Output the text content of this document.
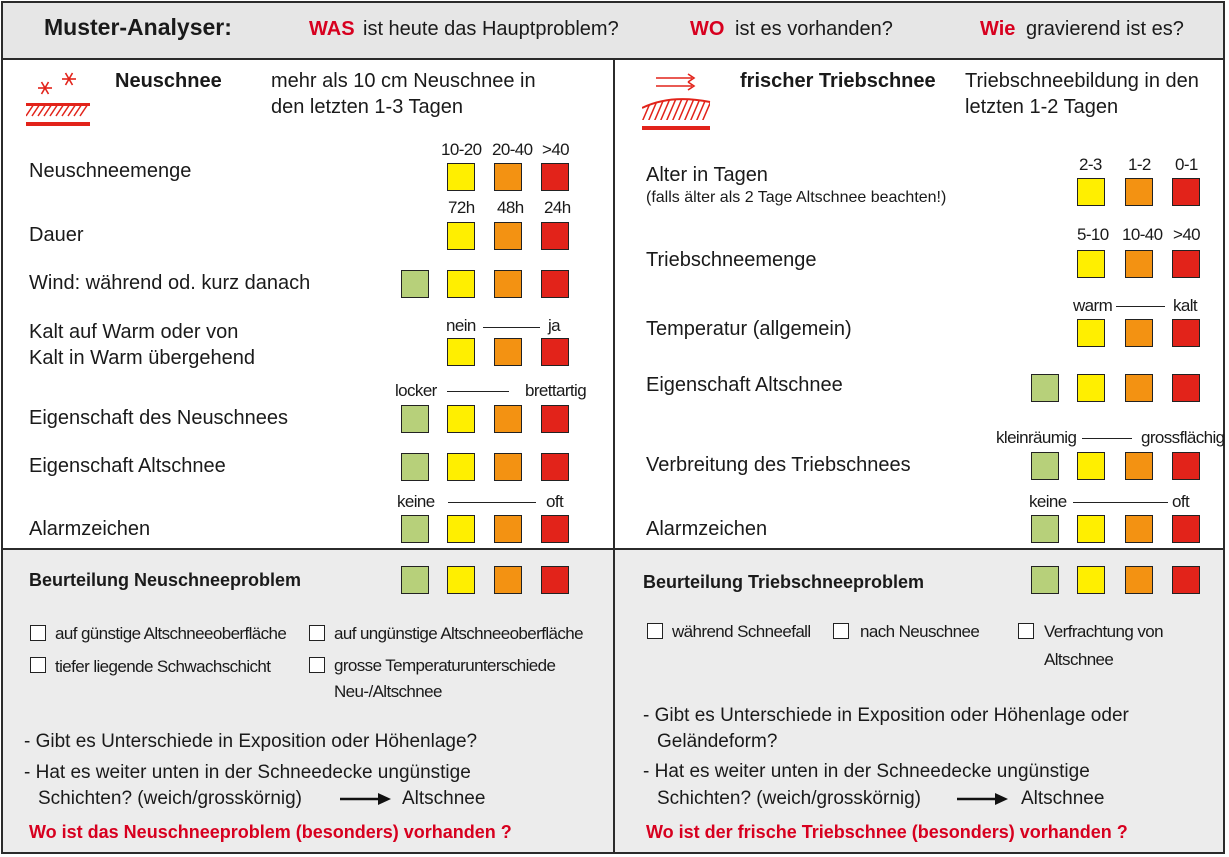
Muster-Analyser:	WAS ist heute das Hauptproblem?	WO ist es vorhanden?	Wie gravierend ist es?
Neuschnee mehr als 10 cm Neuschnee in
den letzten 1-3 Tagen
10-20 20-40 >40
Neuschneemenge
72h 48h 24h
Dauer
Wind: während od. kurz danach
nein	ja
Kalt auf Warm oder von
Kalt in Warm übergehend
locker	brettartig
Eigenschaft des Neuschnees
Eigenschaft Altschnee
keine	oft
Alarmzeichen
Beurteilung Neuschneeproblem
auf günstige Altschneeoberfläche	auf ungünstige Altschneeoberfläche
tiefer liegende Schwachschicht	grosse Temperaturunterschiede
Neu-/Altschnee
- Gibt es Unterschiede in Exposition oder Höhenlage?
- Hat es weiter unten in der Schneedecke ungünstige
Schichten? (weich/grosskörnig)	Altschnee
Wo ist das Neuschneeproblem (besonders) vorhanden ?
frischer Triebschnee Triebschneebildung in den
letzten 1-2 Tagen
2-3 1-2 0-1
Alter in Tagen
(falls älter als 2 Tage Altschnee beachten!)
5-10 10-40 >40
Triebschneemenge
warm	kalt
Temperatur (allgemein)
Eigenschaft Altschnee
kleinräumig	grossflächig
Verbreitung des Triebschnees
keine	oft
Alarmzeichen
Beurteilung Triebschneeproblem
während Schneefall	nach Neuschnee	Verfrachtung von
Altschnee
- Gibt es Unterschiede in Exposition oder Höhenlage oder
Geländeform?
- Hat es weiter unten in der Schneedecke ungünstige
Schichten? (weich/grosskörnig)	Altschnee
Wo ist der frische Triebschnee (besonders) vorhanden ?
